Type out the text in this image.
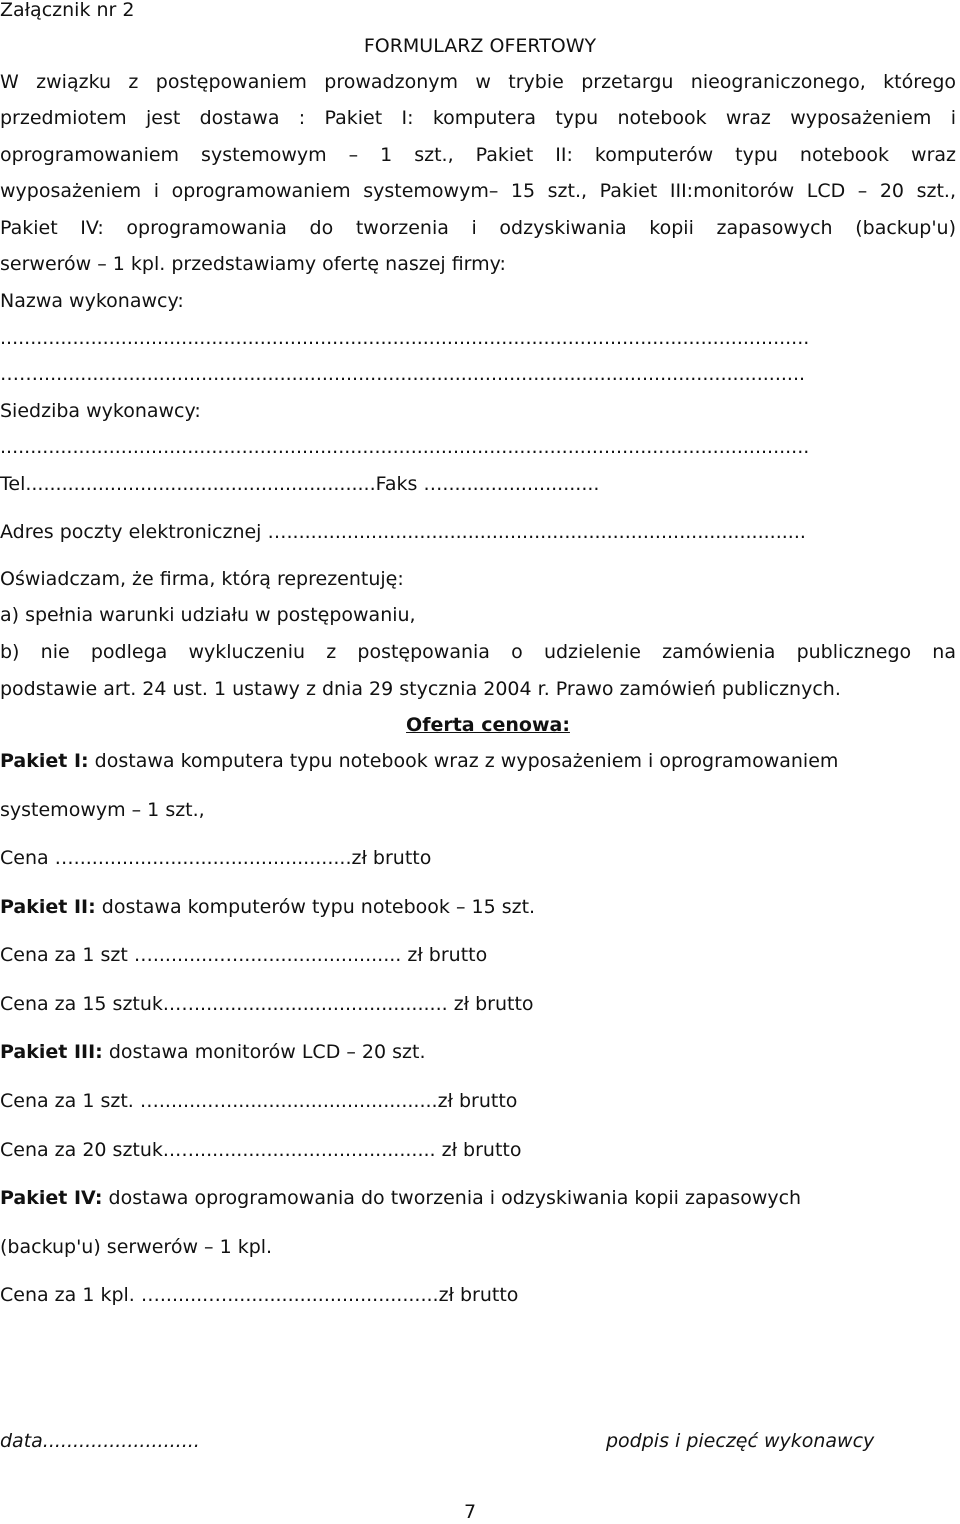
Załącznik nr 2
FORMULARZ OFERTOWY
W związku z postępowaniem prowadzonym w trybie przetargu nieograniczonego, którego
przedmiotem jest dostawa : Pakiet I: komputera typu notebook wraz wyposażeniem i
oprogramowaniem systemowym – 1 szt., Pakiet II: komputerów typu notebook wraz
wyposażeniem i oprogramowaniem systemowym– 15 szt., Pakiet III:monitorów LCD – 20 szt.,
Pakiet IV: oprogramowania do tworzenia i odzyskiwania kopii zapasowych (backup'u)
serwerów – 1 kpl. przedstawiamy ofertę naszej firmy:
Nazwa wykonawcy:
......................................................................................................................................
……...............................................................................................................................
Siedziba wykonawcy:
......................................................................................................................................
Tel..........................................................Faks …..........................
Adres poczty elektronicznej …......................................................................................
Oświadczam, że firma, którą reprezentuję:
a) spełnia warunki udziału w postępowaniu,
b) nie podlega wykluczeniu z postępowania o udzielenie zamówienia publicznego na
podstawie art. 24 ust. 1 ustawy z dnia 29 stycznia 2004 r. Prawo zamówień publicznych.
Oferta cenowa:
Pakiet I: dostawa komputera typu notebook wraz z wyposażeniem i oprogramowaniem
systemowym – 1 szt.,
Cena …..............................................zł brutto
Pakiet II: dostawa komputerów typu notebook – 15 szt.
Cena za 1 szt …...........…........................... zł brutto
Cena za 15 sztuk..….......................................... zł brutto
Pakiet III: dostawa monitorów LCD – 20 szt.
Cena za 1 szt. …........…...................................zł brutto
Cena za 20 sztuk..…........................................ zł brutto
Pakiet IV: dostawa oprogramowania do tworzenia i odzyskiwania kopii zapasowych
(backup'u) serwerów – 1 kpl.
Cena za 1 kpl. …........…...................................zł brutto
data..........................	podpis i pieczęć wykonawcy
7
